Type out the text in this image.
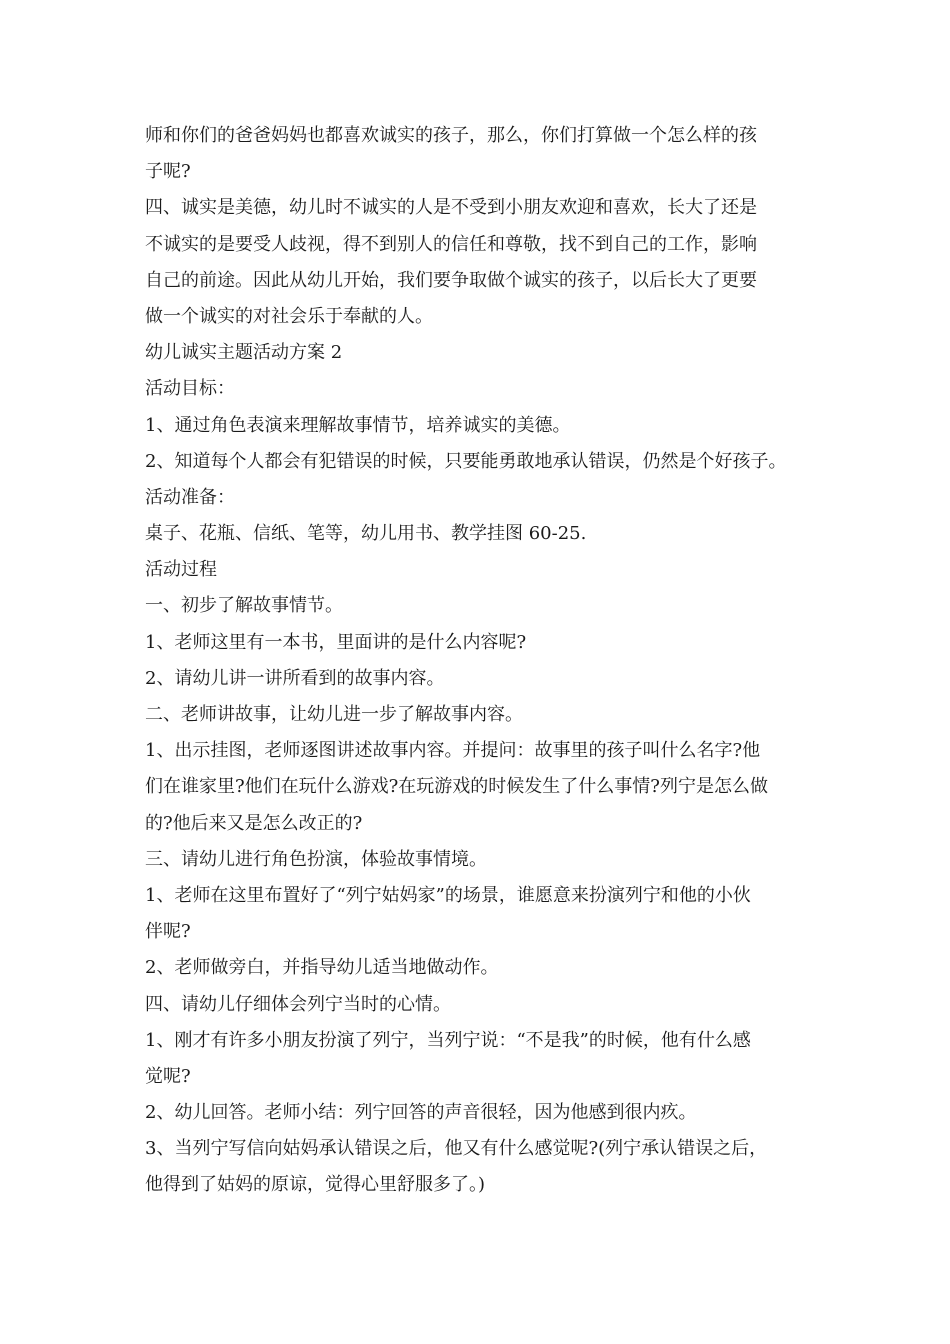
师和你们的爸爸妈妈也都喜欢诚实的孩子，那么，你们打算做一个怎么样的孩

子呢?

四、诚实是美德，幼儿时不诚实的人是不受到小朋友欢迎和喜欢，长大了还是

不诚实的是要受人歧视，得不到别人的信任和尊敬，找不到自己的工作，影响

自己的前途。因此从幼儿开始，我们要争取做个诚实的孩子，以后长大了更要

做一个诚实的对社会乐于奉献的人。

幼儿诚实主题活动方案 2

活动目标：

1、通过角色表演来理解故事情节，培养诚实的美德。

2、知道每个人都会有犯错误的时候，只要能勇敢地承认错误，仍然是个好孩子。

活动准备：

桌子、花瓶、信纸、笔等，幼儿用书、教学挂图 60-25.

活动过程

一、初步了解故事情节。

1、老师这里有一本书，里面讲的是什么内容呢?

2、请幼儿讲一讲所看到的故事内容。

二、老师讲故事，让幼儿进一步了解故事内容。

1、出示挂图，老师逐图讲述故事内容。并提问：故事里的孩子叫什么名字?他

们在谁家里?他们在玩什么游戏?在玩游戏的时候发生了什么事情?列宁是怎么做

的?他后来又是怎么改正的?

三、请幼儿进行角色扮演，体验故事情境。

1、老师在这里布置好了“列宁姑妈家”的场景，谁愿意来扮演列宁和他的小伙

伴呢?

2、老师做旁白，并指导幼儿适当地做动作。

四、请幼儿仔细体会列宁当时的心情。

1、刚才有许多小朋友扮演了列宁，当列宁说：“不是我”的时候，他有什么感

觉呢?

2、幼儿回答。老师小结：列宁回答的声音很轻，因为他感到很内疚。

3、当列宁写信向姑妈承认错误之后，他又有什么感觉呢?(列宁承认错误之后，

他得到了姑妈的原谅，觉得心里舒服多了。)
